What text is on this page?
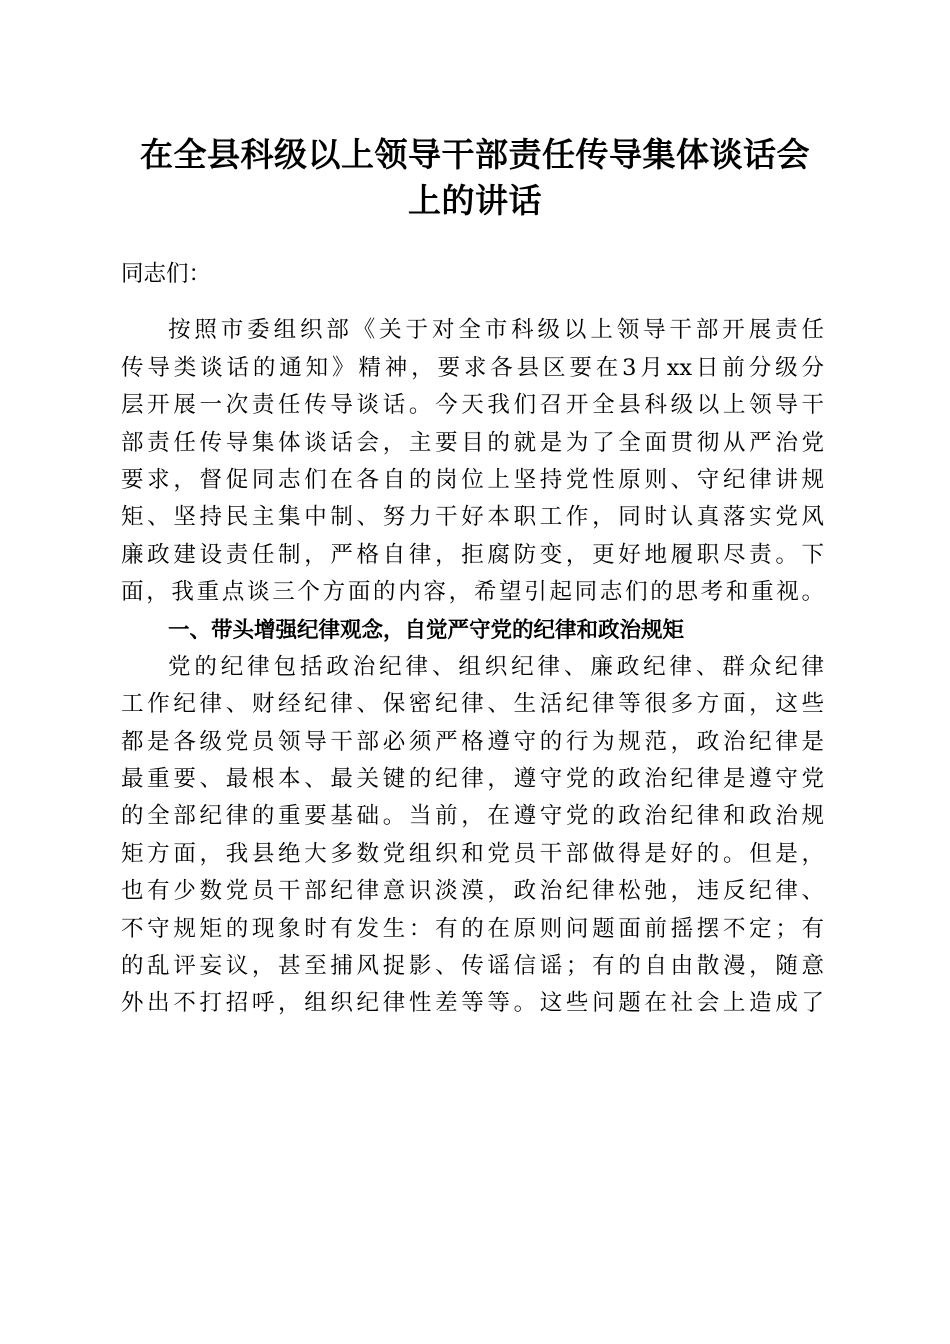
在全县科级以上领导干部责任传导集体谈话会
上的讲话
同志们：
按照市委组织部《关于对全市科级以上领导干部开展责任
传导类谈话的通知》精神，要求各县区要在3月xx日前分级分
层开展一次责任传导谈话。今天我们召开全县科级以上领导干
部责任传导集体谈话会，主要目的就是为了全面贯彻从严治党
要求，督促同志们在各自的岗位上坚持党性原则、守纪律讲规
矩、坚持民主集中制、努力干好本职工作，同时认真落实党风
廉政建设责任制，严格自律，拒腐防变，更好地履职尽责。下
面，我重点谈三个方面的内容，希望引起同志们的思考和重视。
一、带头增强纪律观念，自觉严守党的纪律和政治规矩
党的纪律包括政治纪律、组织纪律、廉政纪律、群众纪律
工作纪律、财经纪律、保密纪律、生活纪律等很多方面，这些
都是各级党员领导干部必须严格遵守的行为规范，政治纪律是
最重要、最根本、最关键的纪律，遵守党的政治纪律是遵守党
的全部纪律的重要基础。当前，在遵守党的政治纪律和政治规
矩方面，我县绝大多数党组织和党员干部做得是好的。但是，
也有少数党员干部纪律意识淡漠，政治纪律松弛，违反纪律、
不守规矩的现象时有发生：有的在原则问题面前摇摆不定；有
的乱评妄议，甚至捕风捉影、传谣信谣；有的自由散漫，随意
外出不打招呼，组织纪律性差等等。这些问题在社会上造成了
